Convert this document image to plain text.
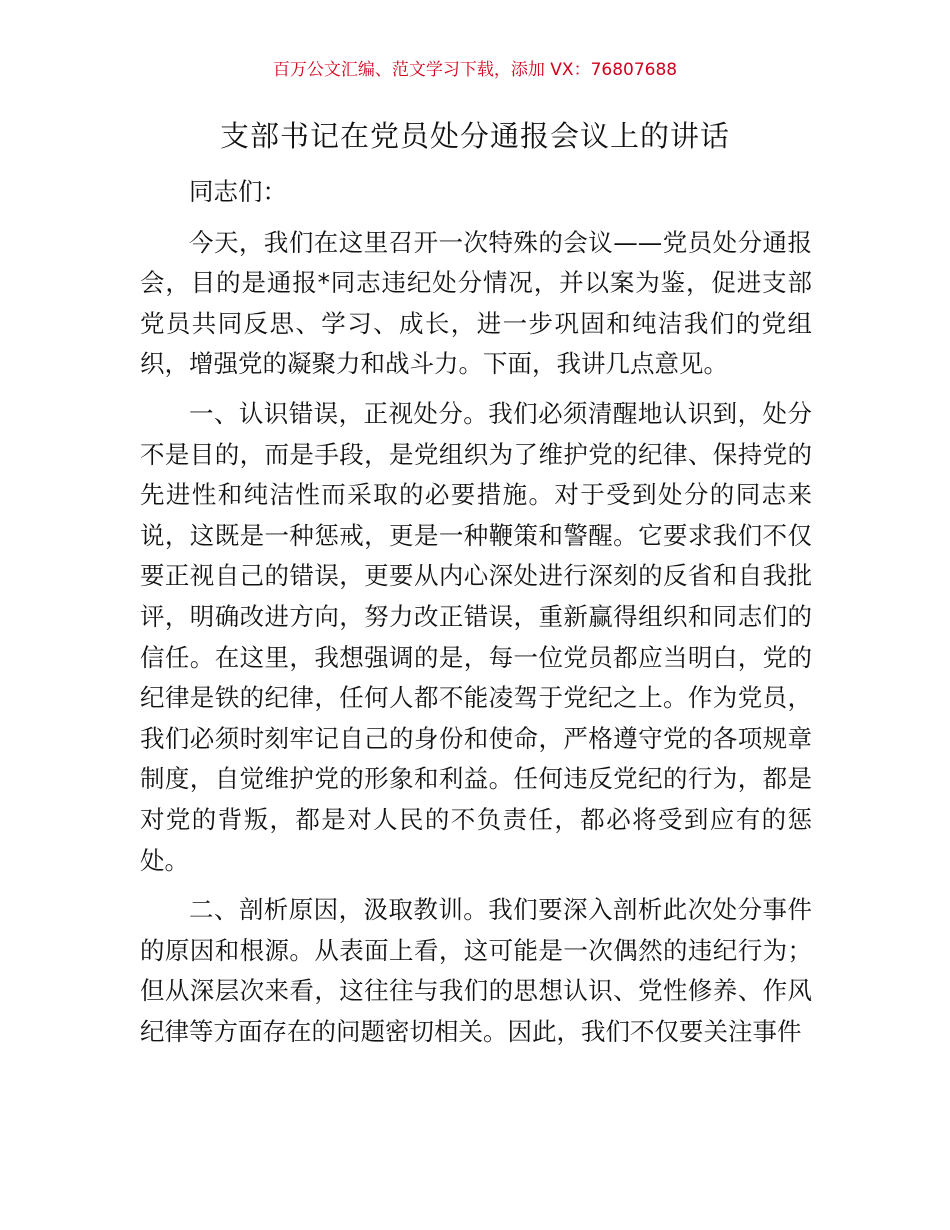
百万公文汇编、范文学习下载，添加 VX：76807688
支部书记在党员处分通报会议上的讲话

同志们：

今天，我们在这里召开一次特殊的会议——党员处分通报会，目的是通报*同志违纪处分情况，并以案为鉴，促进支部党员共同反思、学习、成长，进一步巩固和纯洁我们的党组织，增强党的凝聚力和战斗力。下面，我讲几点意见。

一、认识错误，正视处分。我们必须清醒地认识到，处分不是目的，而是手段，是党组织为了维护党的纪律、保持党的先进性和纯洁性而采取的必要措施。对于受到处分的同志来说，这既是一种惩戒，更是一种鞭策和警醒。它要求我们不仅要正视自己的错误，更要从内心深处进行深刻的反省和自我批评，明确改进方向，努力改正错误，重新赢得组织和同志们的信任。在这里，我想强调的是，每一位党员都应当明白，党的纪律是铁的纪律，任何人都不能凌驾于党纪之上。作为党员，我们必须时刻牢记自己的身份和使命，严格遵守党的各项规章制度，自觉维护党的形象和利益。任何违反党纪的行为，都是对党的背叛，都是对人民的不负责任，都必将受到应有的惩处。

二、剖析原因，汲取教训。我们要深入剖析此次处分事件的原因和根源。从表面上看，这可能是一次偶然的违纪行为；但从深层次来看，这往往与我们的思想认识、党性修养、作风纪律等方面存在的问题密切相关。因此，我们不仅要关注事件
